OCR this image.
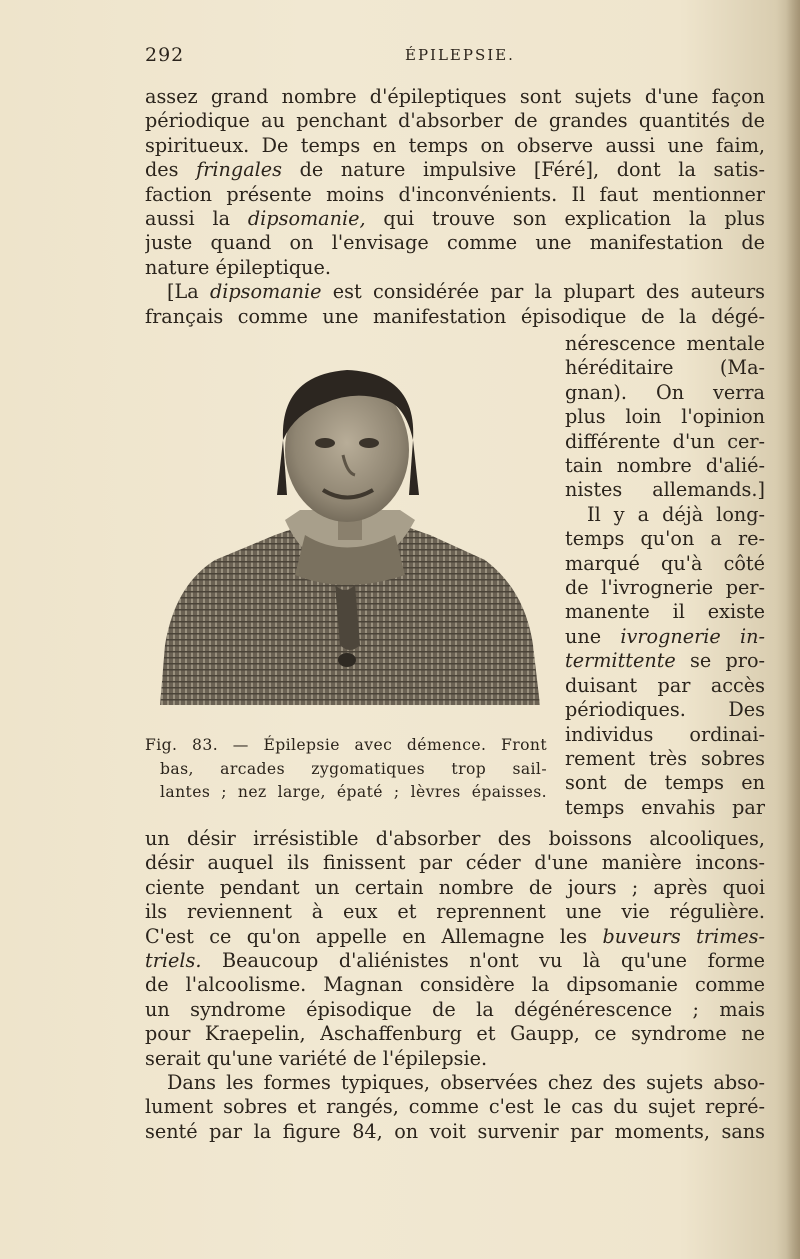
292	ÉPILEPSIE.
assez grand nombre d'épileptiques sont sujets d'une façon
périodique au penchant d'absorber de grandes quantités de
spiritueux. De temps en temps on observe aussi une faim,
des fringales de nature impulsive [Féré], dont la satis-
faction présente moins d'inconvénients. Il faut mentionner
aussi la dipsomanie, qui trouve son explication la plus
juste quand on l'envisage comme une manifestation de
nature épileptique.
[La dipsomanie est considérée par la plupart des auteurs
français comme une manifestation épisodique de la dégé-
Fig. 83. — Épilepsie avec démence. Front
bas, arcades zygomatiques trop sail-
lantes ; nez large, épaté ; lèvres épaisses.
nérescence mentale
héréditaire (Ma-
gnan). On verra
plus loin l'opinion
différente d'un cer-
tain nombre d'alié-
nistes allemands.]
Il y a déjà long-
temps qu'on a re-
marqué qu'à côté
de l'ivrognerie per-
manente il existe
une ivrognerie in-
termittente se pro-
duisant par accès
périodiques. Des
individus ordinai-
rement très sobres
sont de temps en
temps envahis par
un désir irrésistible d'absorber des boissons alcooliques,
désir auquel ils finissent par céder d'une manière incons-
ciente pendant un certain nombre de jours ; après quoi
ils reviennent à eux et reprennent une vie régulière.
C'est ce qu'on appelle en Allemagne les buveurs trimes-
triels. Beaucoup d'aliénistes n'ont vu là qu'une forme
de l'alcoolisme. Magnan considère la dipsomanie comme
un syndrome épisodique de la dégénérescence ; mais
pour Kraepelin, Aschaffenburg et Gaupp, ce syndrome ne
serait qu'une variété de l'épilepsie.
Dans les formes typiques, observées chez des sujets abso-
lument sobres et rangés, comme c'est le cas du sujet repré-
senté par la figure 84, on voit survenir par moments, sans
